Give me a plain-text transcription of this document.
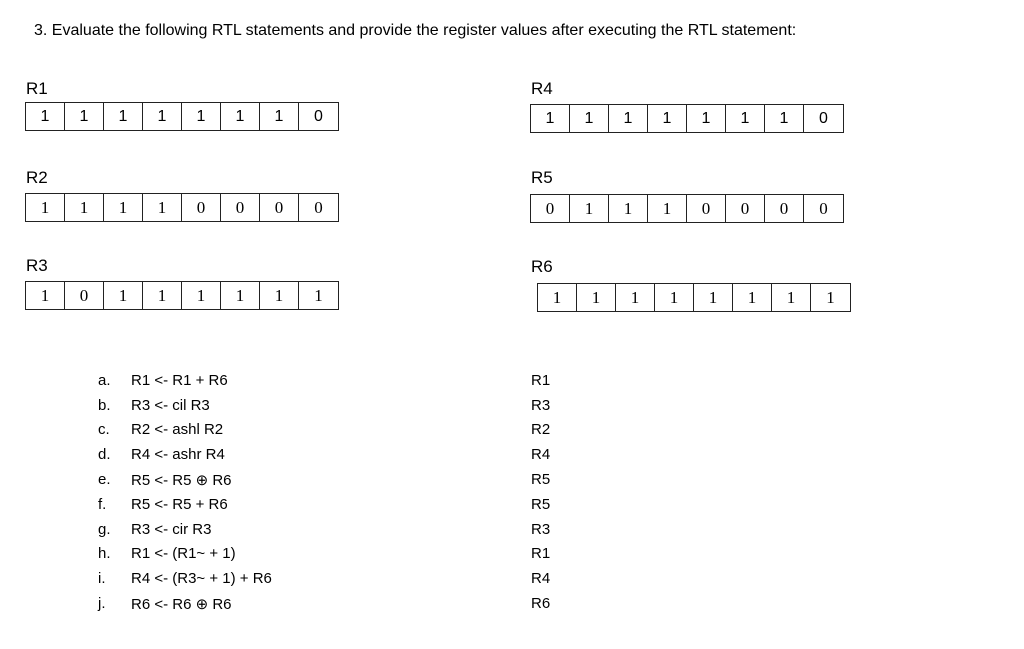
3. Evaluate the following RTL statements and provide the register values after executing the RTL statement:
R1
1	1	1	1	1	1	1	0
R2
1	1	1	1	0	0	0	0
R3
1	0	1	1	1	1	1	1
R4
1	1	1	1	1	1	1	0
R5
0	1	1	1	0	0	0	0
R6
1	1	1	1	1	1	1	1
a.	R1 <- R1 + R6
b.	R3 <- cil R3
c.	R2 <- ashl R2
d.	R4 <- ashr R4
e.	R5 <- R5 ⊕ R6
f.	R5 <- R5 + R6
g.	R3 <- cir R3
h.	R1 <- (R1~ + 1)
i.	R4 <- (R3~ + 1) + R6
j.	R6 <- R6 ⊕ R6
R1
R3
R2
R4
R5
R5
R3
R1
R4
R6
